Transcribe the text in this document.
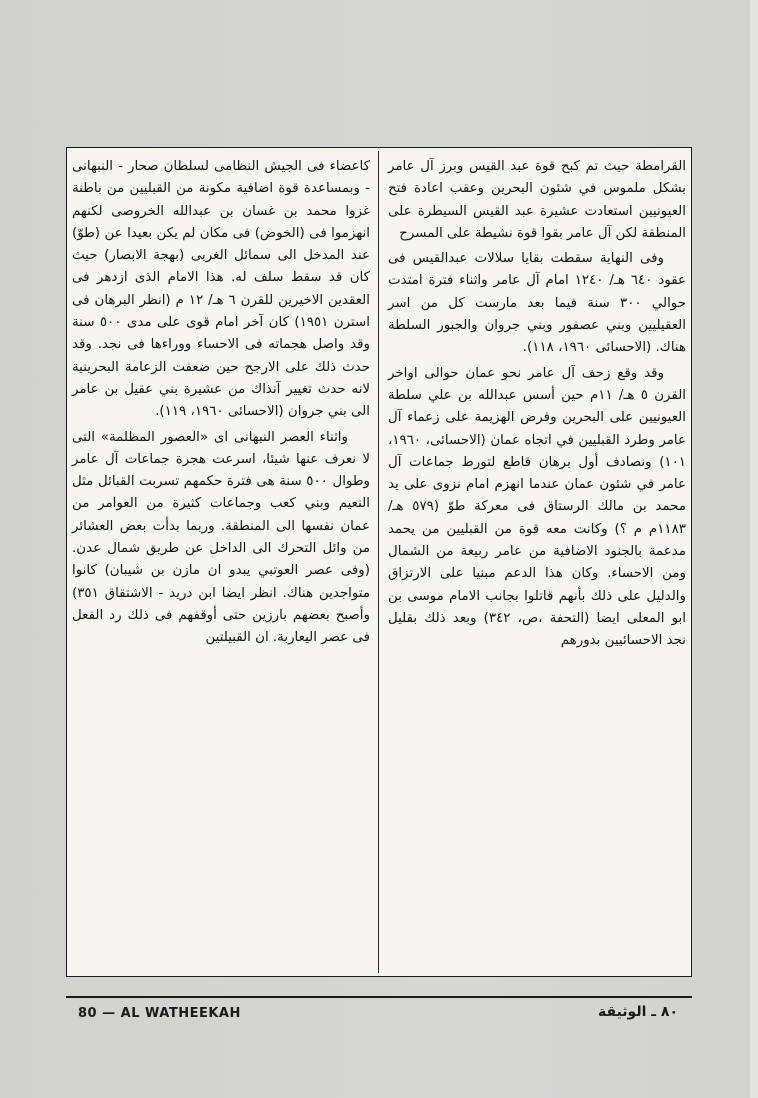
القرامطة حيث تم كبح قوة عبد القيس وبرز آل عامر بشكل ملموس في شئون البحرين وعقب اعادة فتح العيونيين استعادت عشيرة عبد القيس السيطرة على المنطقة لكن آل عامر بقوا قوة نشيطة على المسرح

وفى النهاية سقطت بقايا سلالات عبدالقيس فى عقود ٦٤٠ هـ/ ١٢٤٠ امام آل عامر واثناء فترة امتدت حوالي ٣٠٠ سنة فيما بعد مارست كل من اسر العقيليين وبني عصفور وبني جروان والجبور السلطة هناك. (الاحسائى ١٩٦٠، ١١٨).

وقد وقع زحف آل عامر نحو عمان حوالى اواخر القرن ٥ هـ/ ١١م حين أسس عبدالله بن علي سلطة العيونيين على البحرين وفرض الهزيمة على زعماء آل عامر وطرد القبليين في اتجاه عمان (الاحسائى، ١٩٦٠، ١٠١) ونصادف أول برهان قاطع لتورط جماعات آل عامر في شئون عمان عندما انهزم امام نزوى على يد محمد بن مالك الرستاق فى معركة طوّ (٥٧٩ هـ/١١٨٣م م ؟) وكانت معه قوة من القبليين من يحمد مدعمة بالجنود الاضافية من عامر ربيعة من الشمال ومن الاحساء. وكان هذا الدعم مبنيا على الارتزاق والدليل على ذلك بأنهم قاتلوا بجانب الامام موسى بن ابو المعلى ايضا (التحفة ،ص، ٣٤٢) وبعد ذلك بقليل نجد الاحسائيين بدورهم

كاعضاء فى الجيش النظامى لسلطان صحار - النبهانى - وبمساعدة قوة اضافية مكونة من القبليين من باطنة غزوا محمد بن غسان بن عبدالله الخروصى لكنهم انهزموا فى (الخوض) فى مكان لم يكن بعيدا عن (طوّ) عند المدخل الى سمائل الغربى (بهجة الابصار) حيث كان قد سقط سلف له. هذا الامام الذى ازدهر فى العقدين الاخيرين للقرن ٦ هـ/ ١٢ م (انظر البرهان فى استرن ١٩٥١) كان آخر امام قوى على مدى ٥٠٠ سنة وقد واصل هجماته فى الاحساء ووراءها فى نجد. وقد حدث ذلك على الارجح حين ضعفت الزعامة البحرينية لانه حدث تغيير آنذاك من عشيرة بني عقيل بن عامر الى بني جروان (الاحسائى ١٩٦٠، ١١٩).

واثناء العصر النبهانى اى «العصور المظلمة» التى لا نعرف عنها شيئا، اسرعت هجرة جماعات آل عامر وطوال ٥٠٠ سنة هى فترة حكمهم تسربت القبائل مثل النعيم وبني كعب وجماعات كثيرة من العوامر من عمان نفسها الى المنطقة. وربما بدأت بعض العشائر من وائل التحرك الى الداخل عن طريق شمال عدن. (وفى عصر العوتبي يبدو ان مازن بن شيبان) كانوا متواجدين هناك. انظر ايضا ابن دريد - الاشتقاق ٣٥١) وأصبح بعضهم بارزين حتى أوقفهم فى ذلك رد الفعل فى عصر اليعاربة. ان القبيلتين

80 — AL WATHEEKAH	٨٠ ـ الوثيقة
